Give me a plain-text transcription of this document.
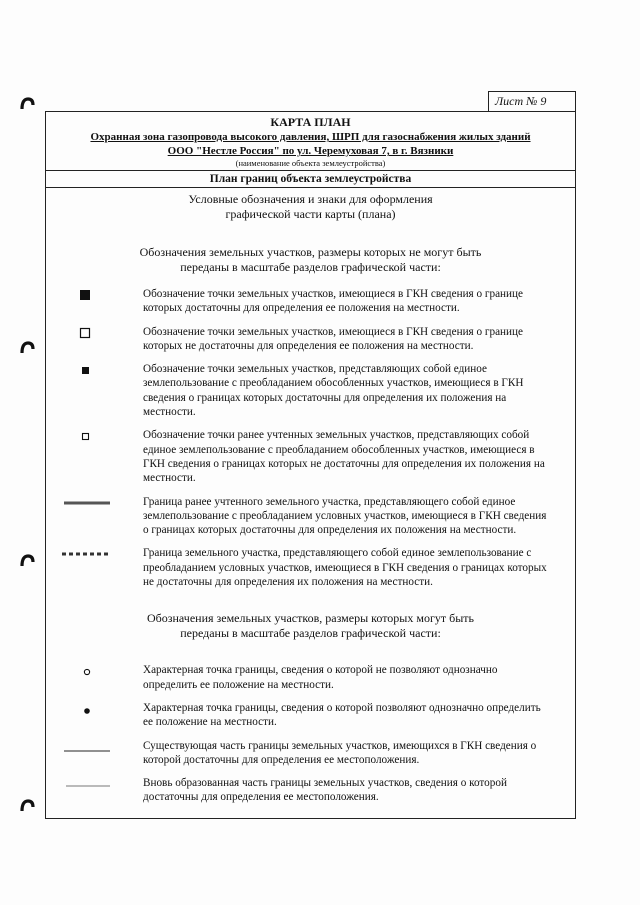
Лист № 9
КАРТА ПЛАН
Охранная зона газопровода высокого давления, ШРП для газоснабжения жилых зданий
ООО "Нестле Россия" по ул. Черемуховая 7, в г. Вязники
(наименование объекта землеустройства)
План границ объекта землеустройства
Условные обозначения и знаки для оформления
графической части карты (плана)
Обозначения земельных участков, размеры которых не могут быть
переданы в масштабе разделов графической части:
Обозначение точки земельных участков, имеющиеся в ГКН сведения о границе которых достаточны для определения ее положения на местности.
Обозначение точки земельных участков, имеющиеся в ГКН сведения о границе которых не достаточны для определения ее положения на местности.
Обозначение точки земельных участков, представляющих собой единое землепользование с преобладанием обособленных участков, имеющиеся в ГКН сведения о границах которых достаточны для определения их положения на местности.
Обозначение точки ранее учтенных земельных участков, представляющих собой единое землепользование с преобладанием обособленных участков, имеющиеся в ГКН сведения о границах которых не достаточны для определения их положения на местности.
Граница ранее учтенного земельного участка, представляющего собой единое землепользование с преобладанием условных участков, имеющиеся в ГКН сведения о границах которых достаточны для определения их положения на местности.
Граница земельного участка, представляющего собой единое землепользование с преобладанием условных участков, имеющиеся в ГКН сведения о границах которых не достаточны для определения их положения на местности.
Обозначения земельных участков, размеры которых могут быть
переданы в масштабе разделов графической части:
Характерная точка границы, сведения о которой не позволяют однозначно определить ее положение на местности.
Характерная точка границы, сведения о которой позволяют однозначно определить ее положение на местности.
Существующая часть границы земельных участков, имеющихся в ГКН сведения о которой достаточны для определения ее местоположения.
Вновь образованная часть границы земельных участков, сведения о которой достаточны для определения ее местоположения.
